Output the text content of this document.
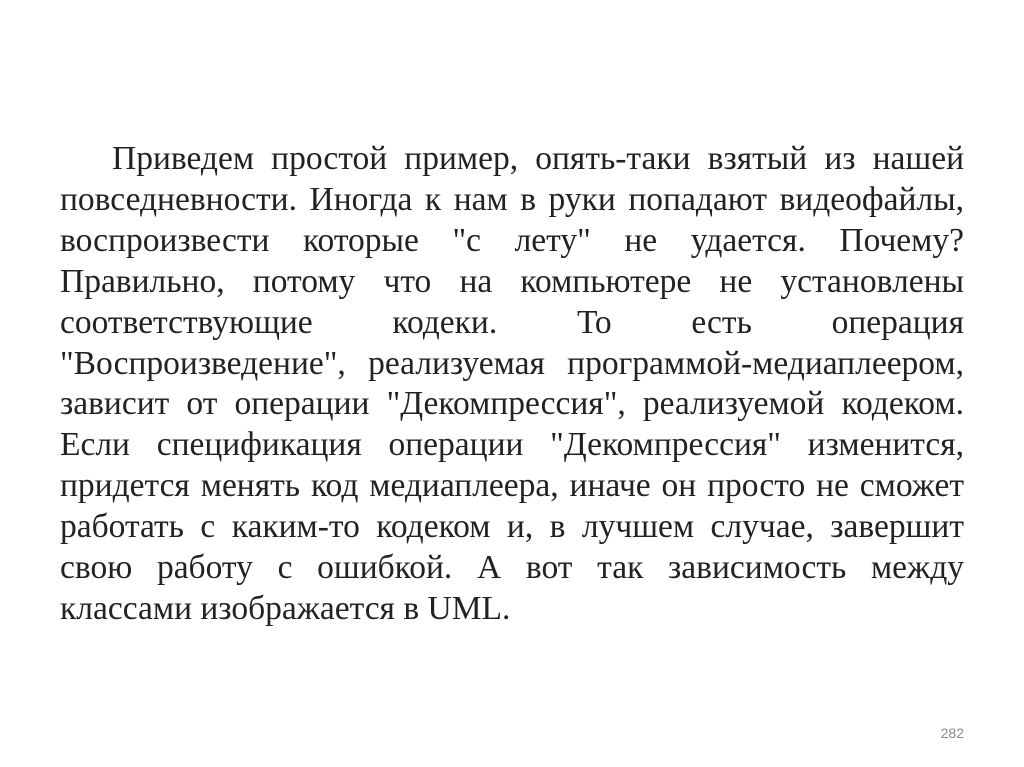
Приведем простой пример, опять-таки взятый из нашей повседневности. Иногда к нам в руки попадают видеофайлы, воспроизвести которые "с лету" не удается. Почему? Правильно, потому что на компьютере не установлены соответствующие кодеки. То есть операция "Воспроизведение", реализуемая программой-медиаплеером, зависит от операции "Декомпрессия", реализуемой кодеком. Если спецификация операции "Декомпрессия" изменится, придется менять код медиаплеера, иначе он просто не сможет работать с каким-то кодеком и, в лучшем случае, завершит свою работу с ошибкой. А вот так зависимость между классами изображается в UML.

282
